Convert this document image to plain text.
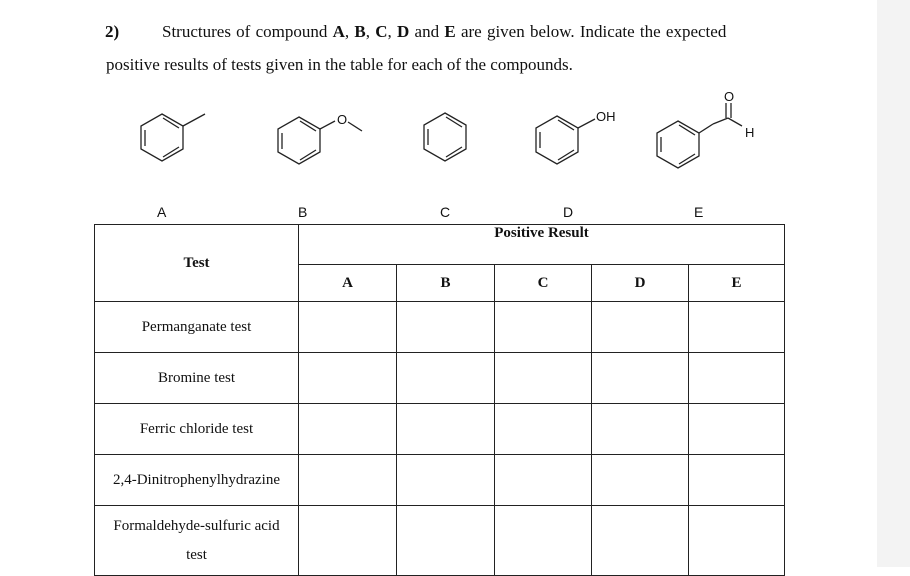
2)	Structures of compound A, B, C, D and E are given below. Indicate the expected
positive results of tests given in the table for each of the compounds.
O	OH
O
H
A	B	C	D	E
Test	Positive Result				
	A	B	C	D	E
Permanganate test					
Bromine test					
Ferric chloride test					
2,4-Dinitrophenylhydrazine					
Formaldehyde-sulfuric acid
test					
